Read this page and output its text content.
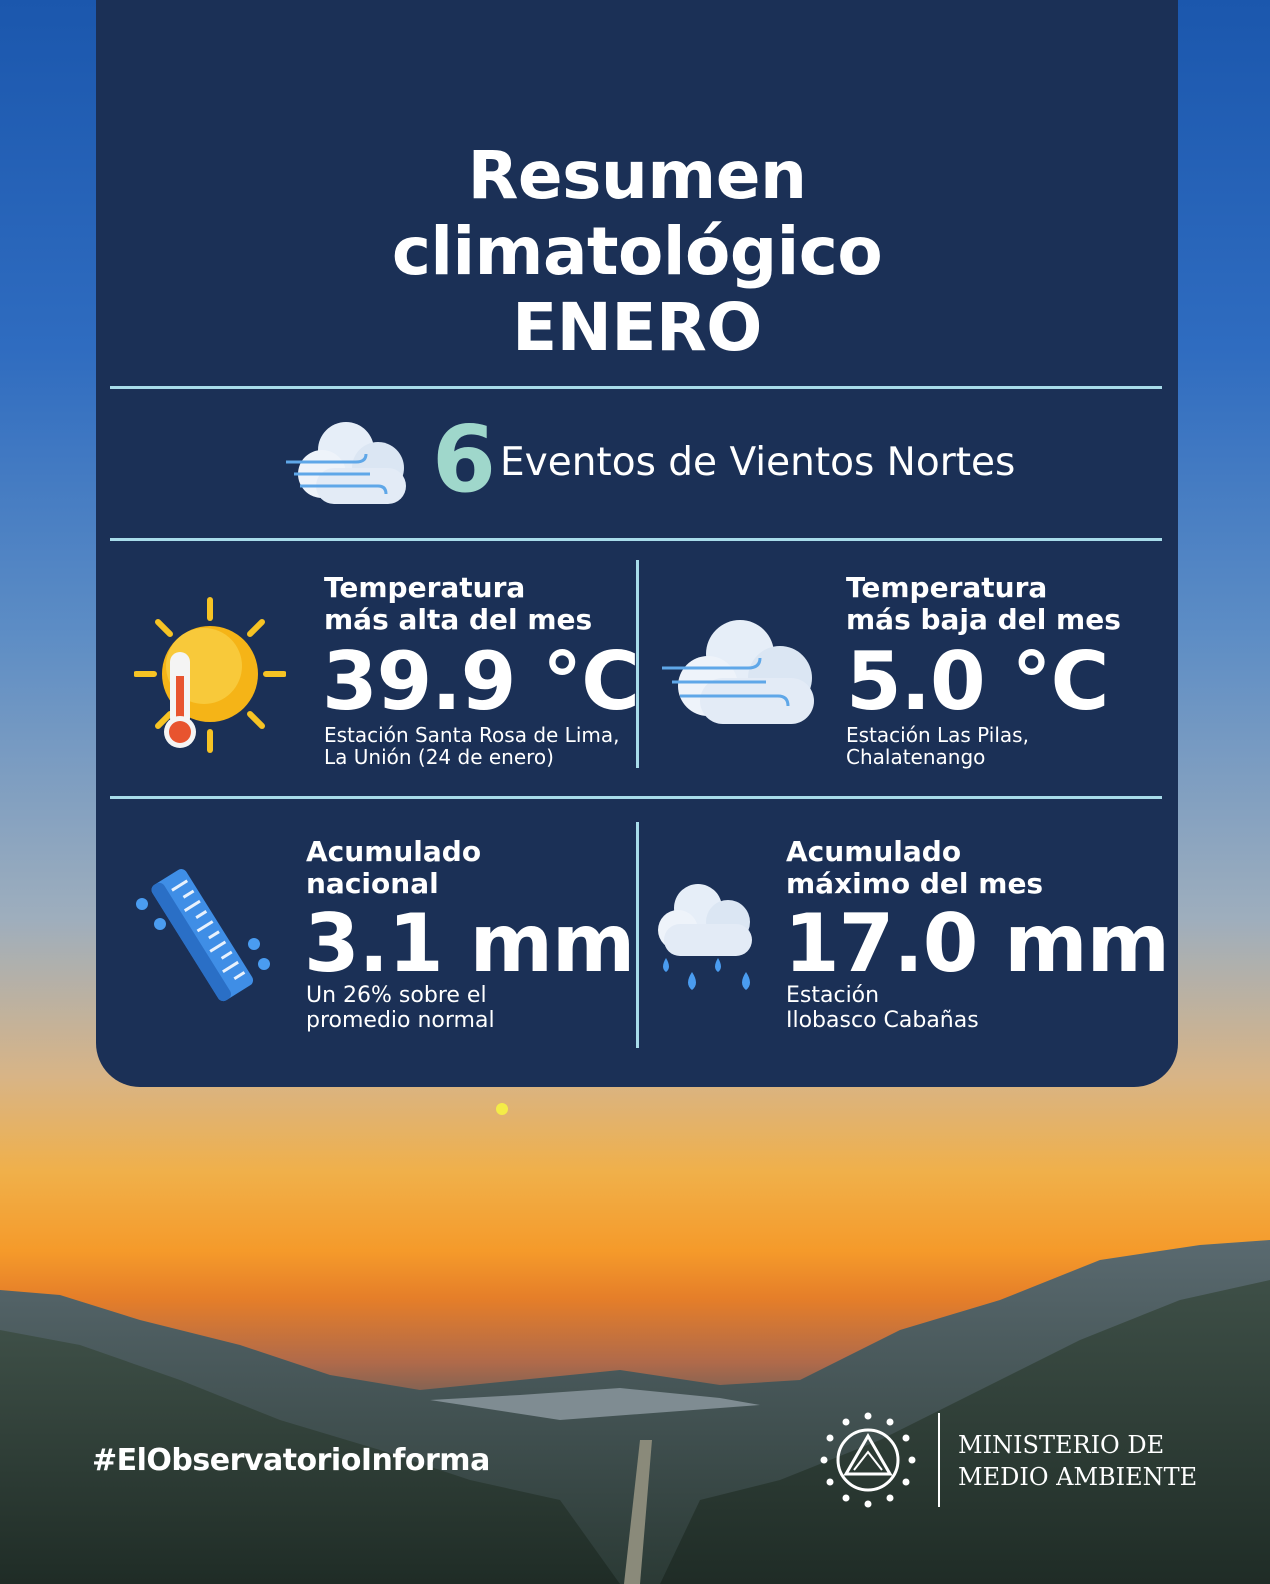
Resumen
climatológico
ENERO
6 Eventos de Vientos Nortes
Temperatura
más alta del mes
39.9 °C
Estación Santa Rosa de Lima,
La Unión (24 de enero)
Temperatura
más baja del mes
5.0 °C
Estación Las Pilas,
Chalatenango
Acumulado
nacional
3.1 mm
Un 26% sobre el
promedio normal
Acumulado
máximo del mes
17.0 mm
Estación
Ilobasco Cabañas
#ElObservatorioInforma	MINISTERIO DE
MEDIO AMBIENTE
